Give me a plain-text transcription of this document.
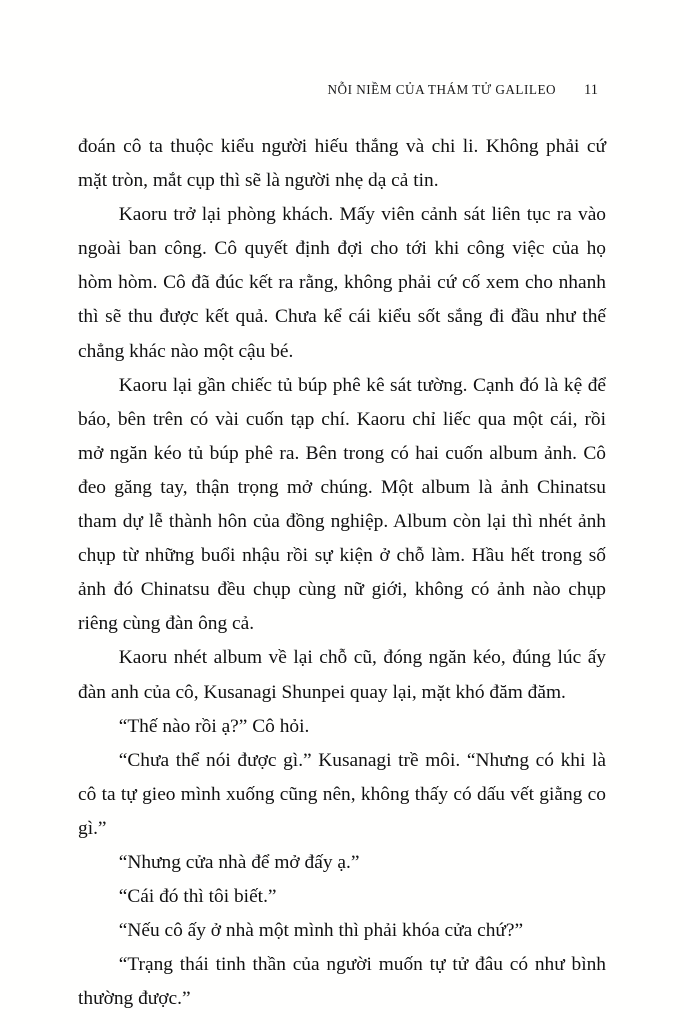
NỖI NIỀM CỦA THÁM TỬ GALILEO 11

đoán cô ta thuộc kiểu người hiếu thắng và chi li. Không phải cứ mặt tròn, mắt cụp thì sẽ là người nhẹ dạ cả tin.

Kaoru trở lại phòng khách. Mấy viên cảnh sát liên tục ra vào ngoài ban công. Cô quyết định đợi cho tới khi công việc của họ hòm hòm. Cô đã đúc kết ra rằng, không phải cứ cố xem cho nhanh thì sẽ thu được kết quả. Chưa kể cái kiểu sốt sắng đi đầu như thế chẳng khác nào một cậu bé.

Kaoru lại gần chiếc tủ búp phê kê sát tường. Cạnh đó là kệ để báo, bên trên có vài cuốn tạp chí. Kaoru chỉ liếc qua một cái, rồi mở ngăn kéo tủ búp phê ra. Bên trong có hai cuốn album ảnh. Cô đeo găng tay, thận trọng mở chúng. Một album là ảnh Chinatsu tham dự lễ thành hôn của đồng nghiệp. Album còn lại thì nhét ảnh chụp từ những buổi nhậu rồi sự kiện ở chỗ làm. Hầu hết trong số ảnh đó Chinatsu đều chụp cùng nữ giới, không có ảnh nào chụp riêng cùng đàn ông cả.

Kaoru nhét album về lại chỗ cũ, đóng ngăn kéo, đúng lúc ấy đàn anh của cô, Kusanagi Shunpei quay lại, mặt khó đăm đăm.

“Thế nào rồi ạ?” Cô hỏi.

“Chưa thể nói được gì.” Kusanagi trề môi. “Nhưng có khi là cô ta tự gieo mình xuống cũng nên, không thấy có dấu vết giằng co gì.”

“Nhưng cửa nhà để mở đấy ạ.”

“Cái đó thì tôi biết.”

“Nếu cô ấy ở nhà một mình thì phải khóa cửa chứ?”

“Trạng thái tinh thần của người muốn tự tử đâu có như bình thường được.”
